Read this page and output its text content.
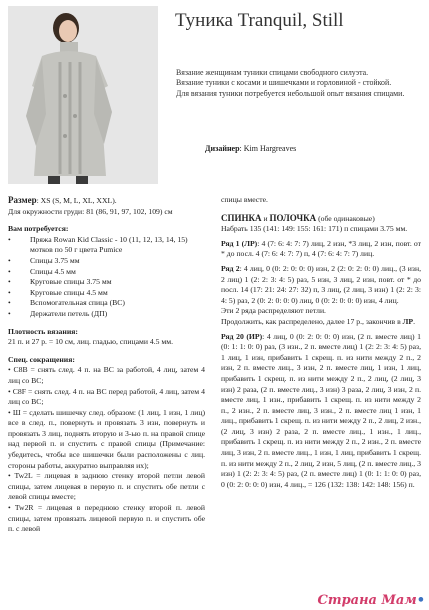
Туника Tranquil, Still

Вязание женщинам туники спицами свободного силуэта.

Вязание туники с косами и шишечками и горловиной - стойкой.

Для вязания туники потребуется небольшой опыт вязания спицами.

Дизайнер: Kim Hargreaves

Размер: XS (S, M, L, XL, XXL).

Для окружности груди: 81 (86, 91, 97, 102, 109) см

Вам потребуется:

• Пряжа Rowan Kid Classic - 10 (11, 12, 13, 14, 15) мотков по 50 г цвета Pumice
• Спицы 3.75 мм
• Спицы 4.5 мм
• Круговые спицы 3.75 мм
• Круговые спицы 4.5 мм
• Вспомогательная спица (ВС)
• Держатели петель (ДП)

Плотность вязания:

21 п. и 27 р. = 10 см, лиц. гладью, спицами 4.5 мм.

Спец. сокращения:

• C8B = снять след. 4 п. на ВС за работой, 4 лиц, затем 4 лиц со ВС;

• C8F = снять след. 4 п. на ВС перед работой, 4 лиц, затем 4 лиц со ВС;

• Ш = сделать шишечку след. образом: (1 лиц, 1 изн, 1 лиц) все в след. п., повернуть и провязать 3 изн, повернуть и провязать 3 лиц, поднять вторую и 3-ью п. на правой спице над первой п. и спустить с правой спицы (Примечание: убедитесь, чтобы все шишечки были расположены с лиц. стороны работы, аккуратно выправляя их);

• Tw2L = лицевая в заднюю стенку второй петли левой спицы, затем лицевая в первую п. и спустить обе петли с левой спицы вместе;

• Tw2R = лицевая в переднюю стенку второй п. левой спицы, затем провязать лицевой первую п. и спустить обе п. с левой

спицы вместе.

СПИНКА и ПОЛОЧКА (обе одинаковые)

Набрать 135 (141: 149: 155: 161: 171) п спицами 3.75 мм.

Ряд 1 (ЛР): 4 (7: 6: 4: 7: 7) лиц, 2 изн, *3 лиц, 2 изн, повт. от * до посл. 4 (7: 6: 4: 7: 7) п, 4 (7: 6: 4: 7: 7) лиц.

Ряд 2: 4 лиц, 0 (0: 2: 0: 0: 0) изн, 2 (2: 0: 2: 0: 0) лиц., (3 изн, 2 лиц) 1 (2: 2: 3: 4: 5) раз, 5 изн, 3 лиц, 2 изн, повт. от * до посл. 14 (17: 21: 24: 27: 32) п, 3 лиц, (2 лиц, 3 изн) 1 (2: 2: 3: 4: 5) раз, 2 (0: 2: 0: 0: 0) лиц, 0 (0: 2: 0: 0: 0) изн, 4 лиц.

Эти 2 ряда распределяют петли.

Продолжить, как распределено, далее 17 р., закончив в ЛР.

Ряд 20 (ИР): 4 лиц, 0 (0: 2: 0: 0: 0) изн, (2 п. вместе лиц) 1 (0: 1: 1: 0: 0) раз, (3 изн., 2 п. вместе лиц) 1 (2: 2: 3: 4: 5) раз, 1 лиц, 1 изн, прибавить 1 скрещ. п. из нити между 2 п., 2 изн, 2 п. вместе лиц., 3 изн, 2 п. вместе лиц, 1 изн, 1 лиц, прибавить 1 скрещ. п. из нити между 2 п., 2 лиц, (2 лиц, 3 изн) 2 раза, (2 п. вместе лиц., 3 изн) 3 раза, 2 лиц, 3 изн, 2 п. вместе лиц, 1 изн., прибавить 1 скрещ. п. из нити между 2 п., 2 изн., 2 п. вместе лиц, 3 изн., 2 п. вместе лиц 1 изн, 1 лиц., прибавить 1 скрещ. п. из нити между 2 п., 2 лиц, 2 изн., (2 лиц, 3 изн) 2 раза, 2 п. вместе лиц., 1 изн., 1 лиц., прибавить 1 скрещ. п. из нити между 2 п., 2 изн., 2 п. вместе лиц, 3 изн, 2 п. вместе лиц., 1 изн, 1 лиц, прибавить 1 скрещ. п. из нити между 2 п., 2 лиц, 2 изн, 5 лиц, (2 п. вместе лиц., 3 изн) 1 (2: 2: 3: 4: 5) раз, (2 п. вместе лиц) 1 (0: 1: 1: 0: 0) раз, 0 (0: 2: 0: 0: 0) изн, 4 лиц., = 126 (132: 138: 142: 148: 156) п.

Страна Мам•
